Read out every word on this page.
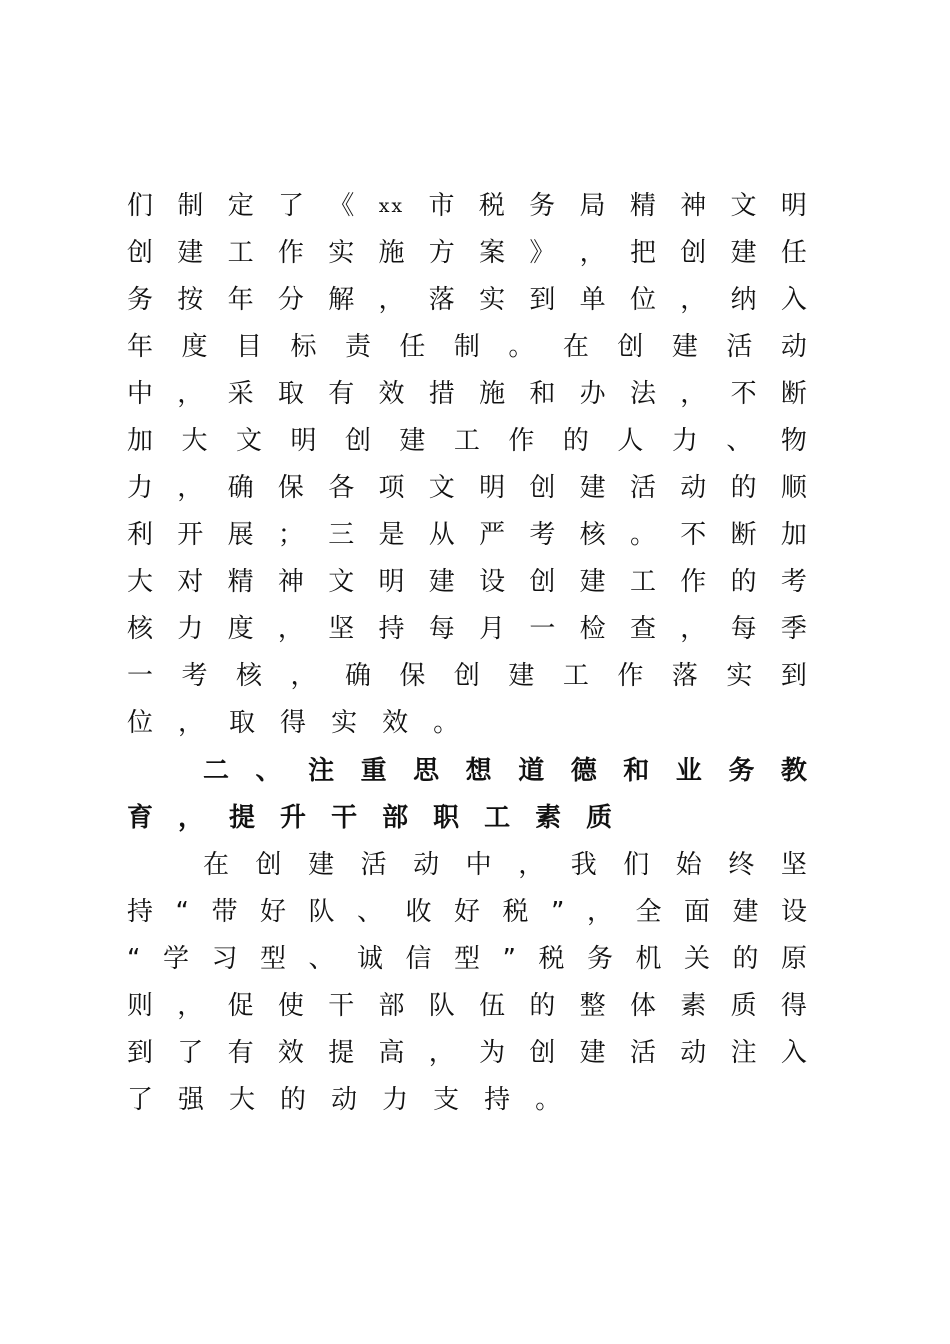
们 制 定 了 《 xx 市 税 务 局 精 神 文 明
创 建 工 作 实 施 方 案 》 ， 把 创 建 任
务 按 年 分 解 ， 落 实 到 单 位 ， 纳 入
年 度 目 标 责 任 制 。 在 创 建 活 动
中 ， 采 取 有 效 措 施 和 办 法 ， 不 断
加 大 文 明 创 建 工 作 的 人 力 、 物
力 ， 确 保 各 项 文 明 创 建 活 动 的 顺
利 开 展 ； 三 是 从 严 考 核 。 不 断 加
大 对 精 神 文 明 建 设 创 建 工 作 的 考
核 力 度 ， 坚 持 每 月 一 检 查 ， 每 季
一 考 核 ， 确 保 创 建 工 作 落 实 到
位 ， 取 得 实 效 。
二 、 注 重 思 想 道 德 和 业 务 教
育 ， 提 升 干 部 职 工 素 质
在 创 建 活 动 中 ， 我 们 始 终 坚
持 “ 带 好 队 、 收 好 税 ” ， 全 面 建 设
“ 学 习 型 、 诚 信 型 ” 税 务 机 关 的 原
则 ， 促 使 干 部 队 伍 的 整 体 素 质 得
到 了 有 效 提 高 ， 为 创 建 活 动 注 入
了 强 大 的 动 力 支 持 。
